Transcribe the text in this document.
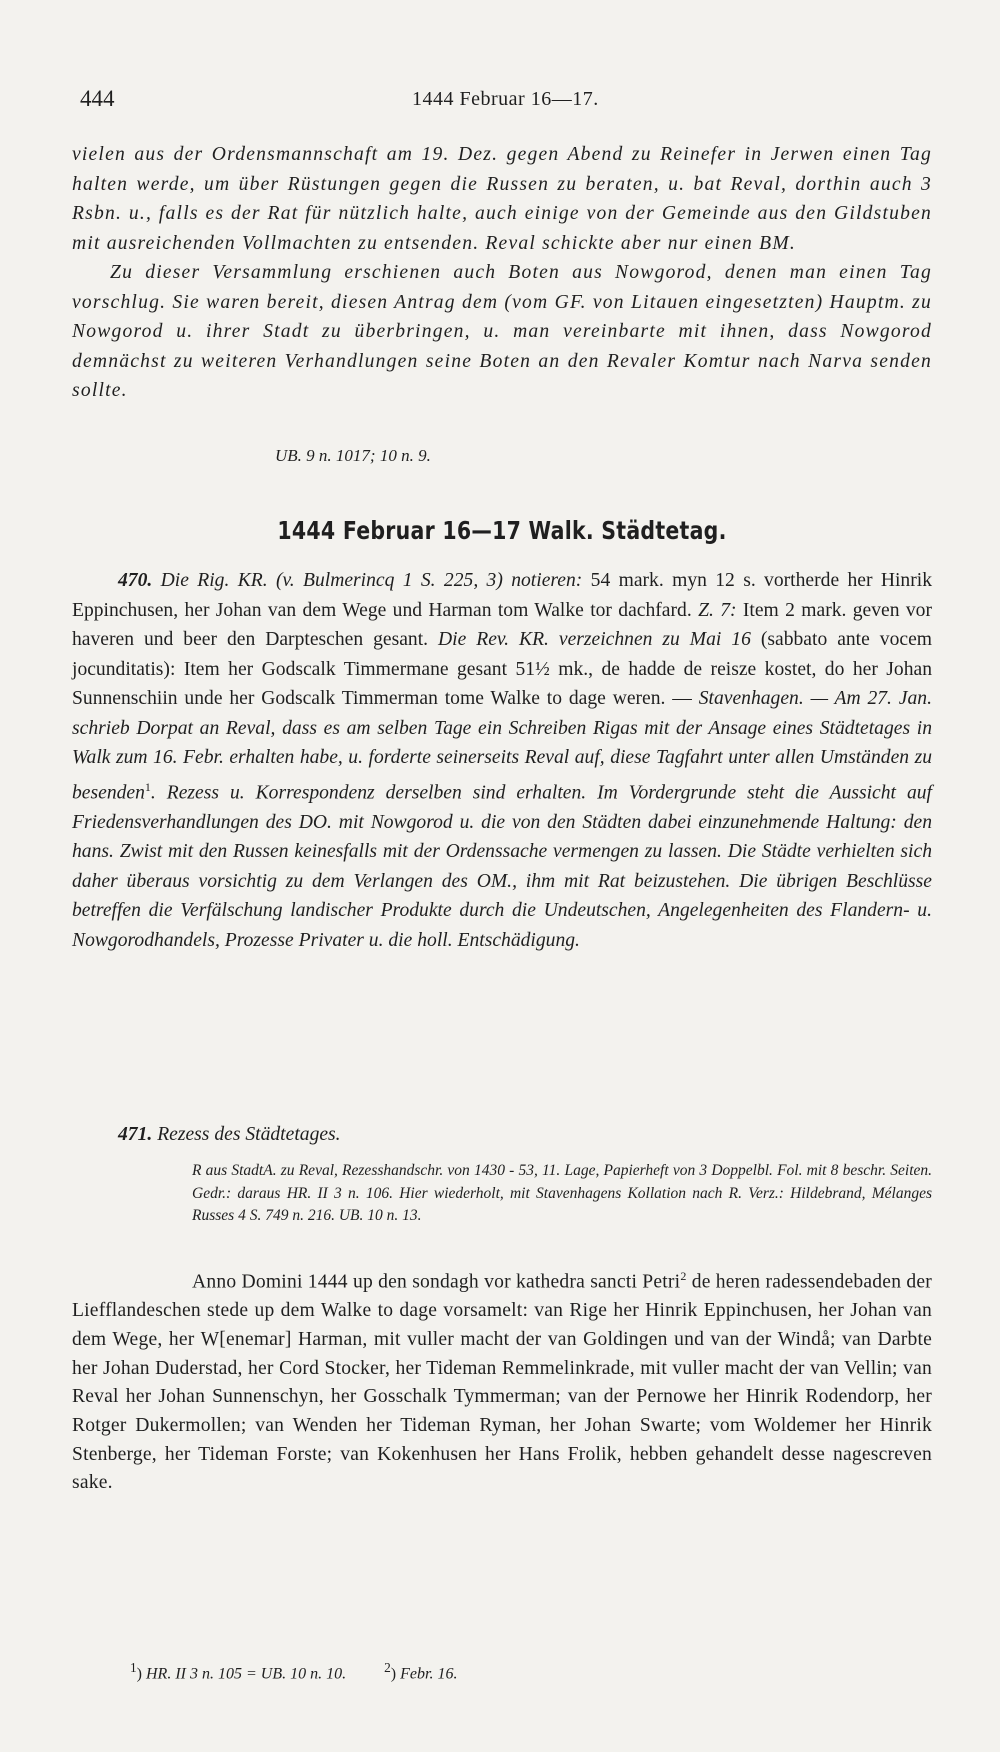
444	1444 Februar 16—17.

vielen aus der Ordensmannschaft am 19. Dez. gegen Abend zu Reinefer in Jerwen einen Tag halten werde, um über Rüstungen gegen die Russen zu beraten, u. bat Reval, dorthin auch 3 Rsbn. u., falls es der Rat für nützlich halte, auch einige von der Gemeinde aus den Gildstuben mit ausreichenden Vollmachten zu entsenden. Reval schickte aber nur einen BM.

Zu dieser Versammlung erschienen auch Boten aus Nowgorod, denen man einen Tag vorschlug. Sie waren bereit, diesen Antrag dem (vom GF. von Litauen eingesetzten) Hauptm. zu Nowgorod u. ihrer Stadt zu überbringen, u. man vereinbarte mit ihnen, dass Nowgorod demnächst zu weiteren Verhandlungen seine Boten an den Revaler Komtur nach Narva senden sollte.

UB. 9 n. 1017; 10 n. 9.
1444 Februar 16—17 Walk. Städtetag.

470. Die Rig. KR. (v. Bulmerincq 1 S. 225, 3) notieren: 54 mark. myn 12 s. vortherde her Hinrik Eppinchusen, her Johan van dem Wege und Harman tom Walke tor dachfard. Z. 7: Item 2 mark. geven vor haveren und beer den Darpteschen gesant. Die Rev. KR. verzeichnen zu Mai 16 (sabbato ante vocem jocunditatis): Item her Godscalk Timmermane gesant 51½ mk., de hadde de reisze kostet, do her Johan Sunnenschiin unde her Godscalk Timmerman tome Walke to dage weren. — Stavenhagen. — Am 27. Jan. schrieb Dorpat an Reval, dass es am selben Tage ein Schreiben Rigas mit der Ansage eines Städtetages in Walk zum 16. Febr. erhalten habe, u. forderte seinerseits Reval auf, diese Tagfahrt unter allen Umständen zu besenden$^1$. Rezess u. Korrespondenz derselben sind erhalten. Im Vordergrunde steht die Aussicht auf Friedensverhandlungen des DO. mit Nowgorod u. die von den Städten dabei einzunehmende Haltung: den hans. Zwist mit den Russen keinesfalls mit der Ordenssache vermengen zu lassen. Die Städte verhielten sich daher überaus vorsichtig zu dem Verlangen des OM., ihm mit Rat beizustehen. Die übrigen Beschlüsse betreffen die Verfälschung landischer Produkte durch die Undeutschen, Angelegenheiten des Flandern- u. Nowgorodhandels, Prozesse Privater u. die holl. Entschädigung.

471. Rezess des Städtetages.

R aus StadtA. zu Reval, Rezesshandschr. von 1430 - 53, 11. Lage, Papierheft von 3 Doppelbl. Fol. mit 8 beschr. Seiten. Gedr.: daraus HR. II 3 n. 106. Hier wiederholt, mit Stavenhagens Kollation nach R. Verz.: Hildebrand, Mélanges Russes 4 S. 749 n. 216. UB. 10 n. 13.

Anno Domini 1444 up den sondagh vor kathedra sancti Petri$^2$ de heren radessendebaden der Liefflandeschen stede up dem Walke to dage vorsamelt: van Rige her Hinrik Eppinchusen, her Johan van dem Wege, her W[enemar] Harman, mit vuller macht der van Goldingen und van der Windå; van Darbte her Johan Duderstad, her Cord Stocker, her Tideman Remmelinkrade, mit vuller macht der van Vellin; van Reval her Johan Sunnenschyn, her Gosschalk Tymmerman; van der Pernowe her Hinrik Rodendorp, her Rotger Dukermollen; van Wenden her Tideman Ryman, her Johan Swarte; vom Woldemer her Hinrik Stenberge, her Tideman Forste; van Kokenhusen her Hans Frolik, hebben gehandelt desse nagescreven sake.

$^1$) HR. II 3 n. 105 = UB. 10 n. 10.	$^2$) Febr. 16.
